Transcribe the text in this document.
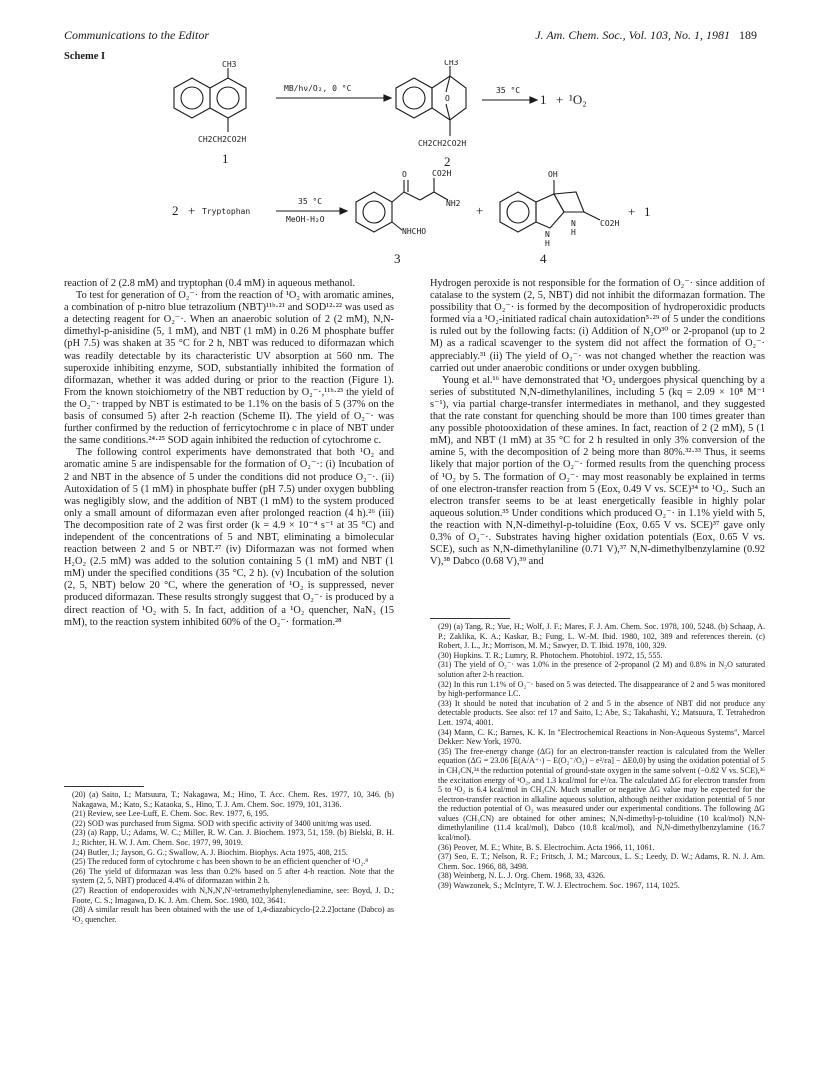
Communications to the Editor	J. Am. Chem. Soc., Vol. 103, No. 1, 1981 189
Scheme I
CH3
CH2CH2CO2H
1
MB/hν/O₂, 0 °C
O
CH3
CH2CH2CO2H
2
35 °C
1 + ¹O₂
2 + Tryptophan
35 °C
MeOH-H₂O
O	CO2H
NH2
NHCHO
3
+
OH
N
H
N
H
CO2H
+ 1
4

reaction of 2 (2.8 mM) and tryptophan (0.4 mM) in aqueous methanol.

To test for generation of O₂⁻· from the reaction of ¹O₂ with aromatic amines, a combination of p-nitro blue tetrazolium (NBT)¹¹ᵇ·²¹ and SOD¹²·²² was used as a detecting reagent for O₂⁻·. When an anaerobic solution of 2 (2 mM), N,N-dimethyl-p-anisidine (5, 1 mM), and NBT (1 mM) in 0.26 M phosphate buffer (pH 7.5) was shaken at 35 °C for 2 h, NBT was reduced to diformazan which was readily detectable by its characteristic UV absorption at 560 nm. The superoxide inhibiting enzyme, SOD, substantially inhibited the formation of diformazan, whether it was added during or prior to the reaction (Figure 1). From the known stoichiometry of the NBT reduction by O₂⁻·,¹¹ᵇ·²³ the yield of the O₂⁻· trapped by NBT is estimated to be 1.1% on the basis of 5 (37% on the basis of consumed 5) after 2-h reaction (Scheme II). The yield of O₂⁻· was further confirmed by the reduction of ferricytochrome c in place of NBT under the same conditions.²⁴·²⁵ SOD again inhibited the reduction of cytochrome c.

The following control experiments have demonstrated that both ¹O₂ and aromatic amine 5 are indispensable for the formation of O₂⁻·: (i) Incubation of 2 and NBT in the absence of 5 under the conditions did not produce O₂⁻·. (ii) Autoxidation of 5 (1 mM) in phosphate buffer (pH 7.5) under oxygen bubbling was negligibly slow, and the addition of NBT (1 mM) to the system produced only a small amount of diformazan even after prolonged reaction (4 h).²⁶ (iii) The decomposition rate of 2 was first order (k = 4.9 × 10⁻⁴ s⁻¹ at 35 °C) and independent of the concentrations of 5 and NBT, eliminating a bimolecular reaction between 2 and 5 or NBT.²⁷ (iv) Diformazan was not formed when H₂O₂ (2.5 mM) was added to the solution containing 5 (1 mM) and NBT (1 mM) under the specified conditions (35 °C, 2 h). (v) Incubation of the solution (2, 5, NBT) below 20 °C, where the generation of ¹O₂ is suppressed, never produced diformazan. These results strongly suggest that O₂⁻· is produced by a direct reaction of ¹O₂ with 5. In fact, addition of a ¹O₂ quencher, NaN₃ (15 mM), to the reaction system inhibited 60% of the O₂⁻· formation.²⁸

Hydrogen peroxide is not responsible for the formation of O₂⁻· since addition of catalase to the system (2, 5, NBT) did not inhibit the diformazan formation. The possibility that O₂⁻· is formed by the decomposition of hydroperoxidic products formed via a ¹O₂-initiated radical chain autoxidation⁵·²⁹ of 5 under the conditions is ruled out by the following facts: (i) Addition of N₂O³⁰ or 2-propanol (up to 2 M) as a radical scavenger to the system did not affect the formation of O₂⁻· appreciably.³¹ (ii) The yield of O₂⁻· was not changed whether the reaction was carried out under anaerobic conditions or under oxygen bubbling.

Young et al.¹⁶ have demonstrated that ¹O₂ undergoes physical quenching by a series of substituted N,N-dimethylanilines, including 5 (kq = 2.09 × 10⁸ M⁻¹ s⁻¹), via partial charge-transfer intermediates in methanol, and they suggested that the rate constant for quenching should be more than 100 times greater than any possible photooxidation of these amines. In fact, reaction of 2 (2 mM), 5 (1 mM), and NBT (1 mM) at 35 °C for 2 h resulted in only 3% conversion of the amine 5, with the decomposition of 2 being more than 80%.³²·³³ Thus, it seems likely that major portion of the O₂⁻· formed results from the quenching process of ¹O₂ by 5. The formation of O₂⁻· may most reasonably be explained in terms of one electron-transfer reaction from 5 (Eox, 0.49 V vs. SCE)³⁴ to ¹O₂. Such an electron transfer seems to be at least energetically feasible in highly polar aqueous solution.³⁵ Under conditions which produced O₂⁻· in 1.1% yield with 5, the reaction with N,N-dimethyl-p-toluidine (Eox, 0.65 V vs. SCE)³⁷ gave only 0.3% of O₂⁻·. Substrates having higher oxidation potentials (Eox, 0.65 V vs. SCE), such as N,N-dimethylaniline (0.71 V),³⁷ N,N-dimethylbenzylamine (0.92 V),³⁸ Dabco (0.68 V),³⁹ and

(20) (a) Saito, I.; Matsuura, T.; Nakagawa, M.; Hino, T. Acc. Chem. Res. 1977, 10, 346. (b) Nakagawa, M.; Kato, S.; Kataoka, S., Hino, T. J. Am. Chem. Soc. 1979, 101, 3136.

(21) Review, see Lee-Luff, E. Chem. Soc. Rev. 1977, 6, 195.

(22) SOD was purchased from Sigma. SOD with specific activity of 3400 unit/mg was used.

(23) (a) Rapp, U.; Adams, W. C.; Miller, R. W. Can. J. Biochem. 1973, 51, 159. (b) Bielski, B. H. J.; Richter, H. W. J. Am. Chem. Soc. 1977, 99, 3019.

(24) Butler, J.; Jayson, G. G.; Swallow, A. J. Biochim. Biophys. Acta 1975, 408, 215.

(25) The reduced form of cytochrome c has been shown to be an efficient quencher of ¹O₂.⁸

(26) The yield of diformazan was less than 0.2% based on 5 after 4-h reaction. Note that the system (2, 5, NBT) produced 4.4% of diformazan within 2 h.

(27) Reaction of endoperoxides with N,N,N′,N′-tetramethylphenylenediamine, see: Boyd, J. D.; Foote, C. S.; Imagawa, D. K. J. Am. Chem. Soc. 1980, 102, 3641.

(28) A similar result has been obtained with the use of 1,4-diazabicyclo-[2.2.2]octane (Dabco) as ¹O₂ quencher.

(29) (a) Tang, R.; Yue, H.; Wolf, J. F.; Mares, F. J. Am. Chem. Soc. 1978, 100, 5248. (b) Schaap, A. P.; Zaklika, K. A.; Kaskar, B.; Fung, L. W.-M. Ibid. 1980, 102, 389 and references therein. (c) Robert, J. L., Jr.; Morrison, M. M.; Sawyer, D. T. Ibid. 1978, 100, 329.

(30) Hopkins. T. R.; Lumry, R. Photochem. Photobiol. 1972, 15, 555.

(31) The yield of O₂⁻· was 1.0% in the presence of 2-propanol (2 M) and 0.8% in N₂O saturated solution after 2-h reaction.

(32) In this run 1.1% of O₂⁻· based on 5 was detected. The disappearance of 2 and 5 was monitored by high-performance LC.

(33) It should be noted that incubation of 2 and 5 in the absence of NBT did not produce any detectable products. See also: ref 17 and Saito, I.; Abe, S.; Takahashi, Y.; Matsuura, T. Tetrahedron Lett. 1974, 4001.

(34) Mann, C. K.; Barnes, K. K. In "Electrochemical Reactions in Non-Aqueous Systems", Marcel Dekker: New York, 1970.

(35) The free-energy change (ΔG) for an electron-transfer reaction is calculated from the Weller equation (ΔG = 23.06 [E(A/A⁺·) − E(O₂⁻/O₂) − e²/εa] − ΔE0,0) by using the oxidation potential of 5 in CH₃CN,³⁴ the reduction potential of ground-state oxygen in the same solvent (−0.82 V vs. SCE),³⁶ the excitation energy of ¹O₂, and 1.3 kcal/mol for e²/εa. The calculated ΔG for electron transfer from 5 to ¹O₂ is 6.4 kcal/mol in CH₃CN. Much smaller or negative ΔG value may be expected for the electron-transfer reaction in alkaline aqueous solution, although neither oxidation potential of 5 nor the reduction potential of O₂ was measured under our experimental conditions. The following ΔG values (CH₃CN) are obtained for other amines; N,N-dimethyl-p-toluidine (10 kcal/mol) N,N-dimethylaniline (11.4 kcal/mol), Dabco (10.8 kcal/mol), and N,N-dimethylbenzylamine (16.7 kcal/mol).

(36) Peover, M. E.; White, B. S. Electrochim. Acta 1966, 11, 1061.

(37) Seo, E. T.; Nelson, R. F.; Fritsch, J. M.; Marcoux, L. S.; Leedy, D. W.; Adams, R. N. J. Am. Chem. Soc. 1966, 88, 3498.

(38) Weinberg, N. L. J. Org. Chem. 1968, 33, 4326.

(39) Wawzonek, S.; McIntyre, T. W. J. Electrochem. Soc. 1967, 114, 1025.
